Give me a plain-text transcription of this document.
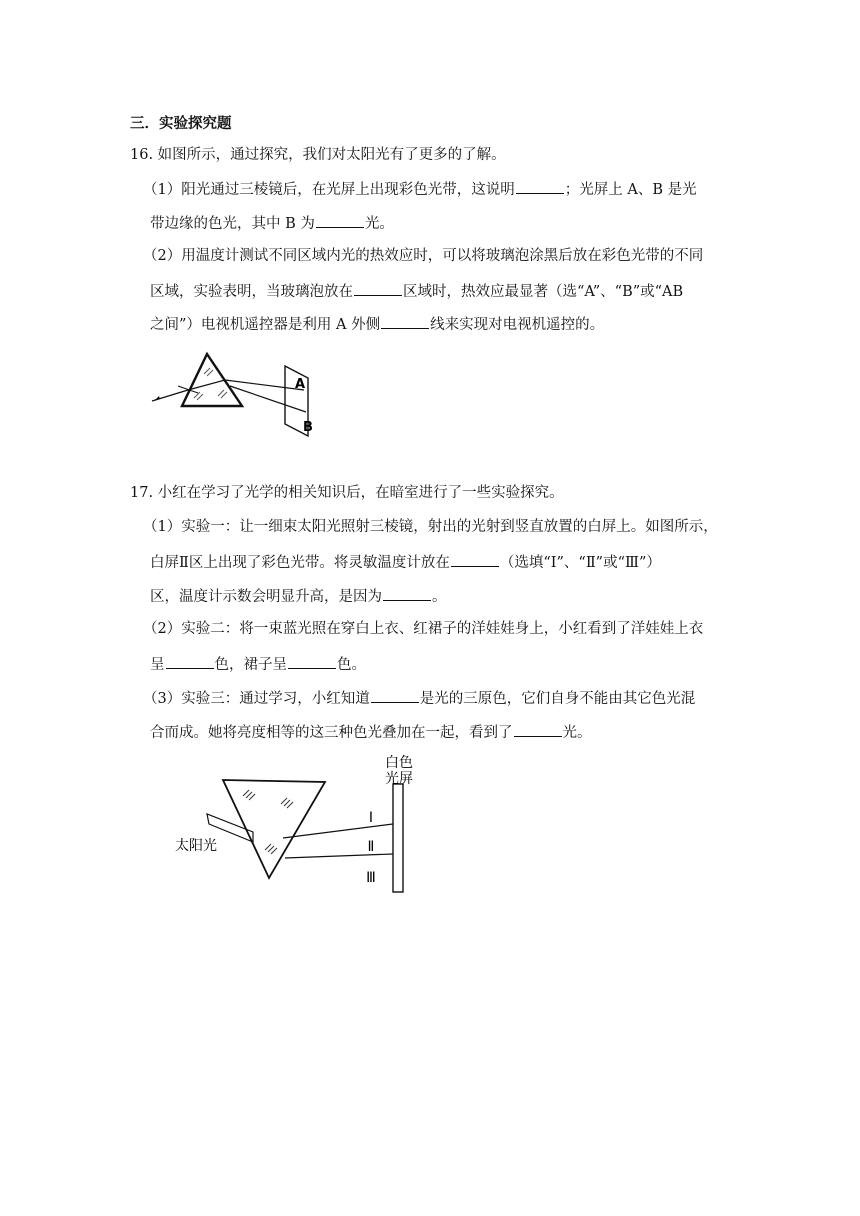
三．实验探究题
16. 如图所示，通过探究，我们对太阳光有了更多的了解。
（1）阳光通过三棱镜后，在光屏上出现彩色光带，这说明	；光屏上 A、B 是光
带边缘的色光，其中 B 为	光。
（2）用温度计测试不同区域内光的热效应时，可以将玻璃泡涂黑后放在彩色光带的不同
区域，实验表明，当玻璃泡放在	区域时，热效应最显著（选“A”、“B”或“AB
之间”）电视机遥控器是利用 A 外侧	线来实现对电视机遥控的。
A
B
17. 小红在学习了光学的相关知识后，在暗室进行了一些实验探究。
（1）实验一：让一细束太阳光照射三棱镜，射出的光射到竖直放置的白屏上。如图所示，
白屏Ⅱ区上出现了彩色光带。将灵敏温度计放在	（选填“Ⅰ”、“Ⅱ”或“Ⅲ”）
区，温度计示数会明显升高，是因为	。
（2）实验二：将一束蓝光照在穿白上衣、红裙子的洋娃娃身上，小红看到了洋娃娃上衣
呈	色，裙子呈	色。
（3）实验三：通过学习，小红知道	是光的三原色，它们自身不能由其它色光混
合而成。她将亮度相等的这三种色光叠加在一起，看到了	光。
太阳光
白色
光屏
Ⅰ
Ⅱ
Ⅲ
